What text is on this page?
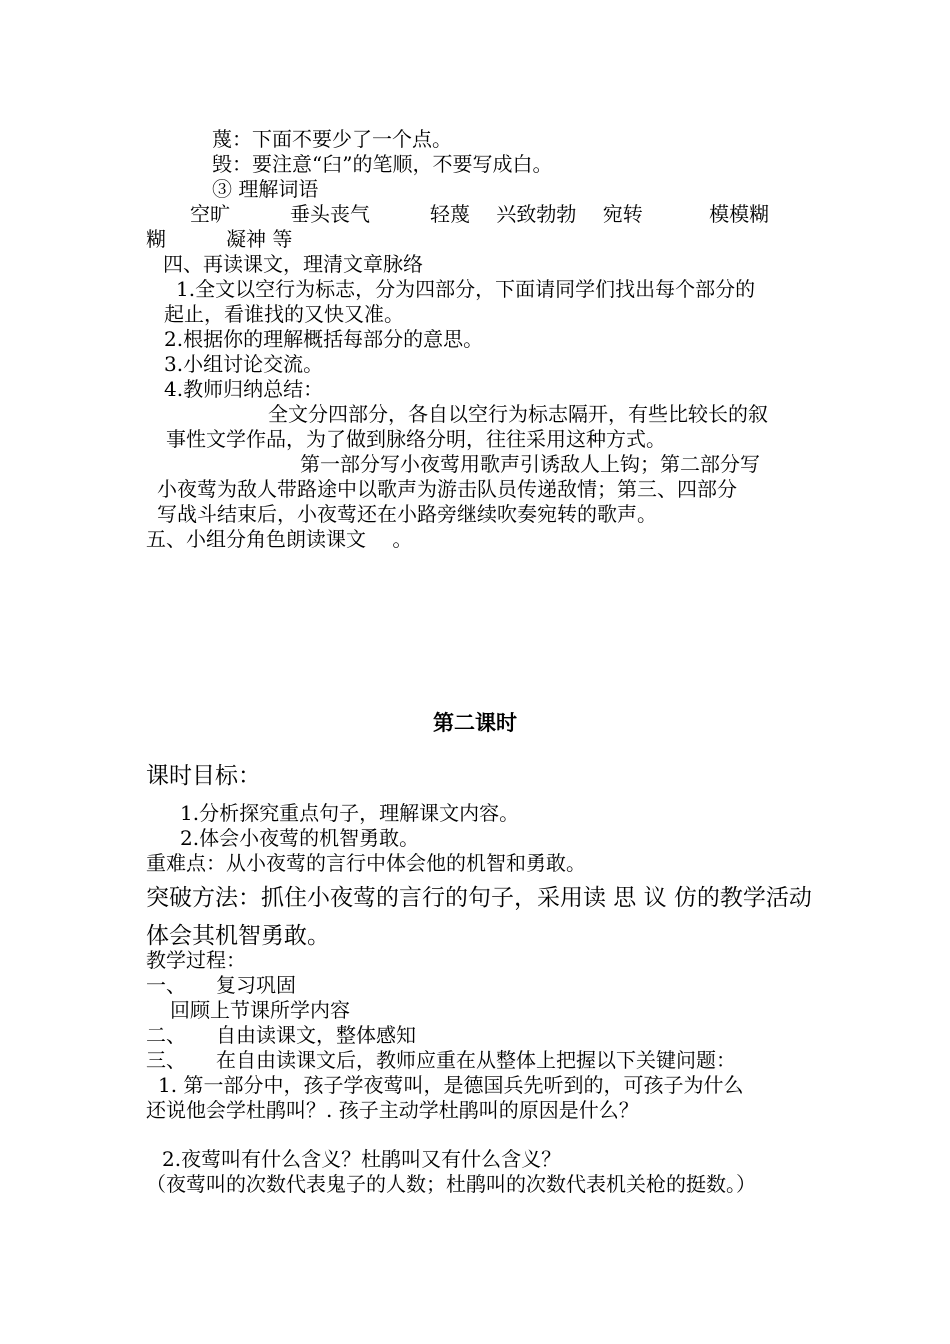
蔑：下面不要少了一个点。
毁：要注意“臼”的笔顺，不要写成白。
③ 理解词语
空旷　　　垂头丧气　　　轻蔑　 兴致勃勃　 宛转　　　 模模糊
糊　　　凝神 等
四、再读课文，理清文章脉络
1.全文以空行为标志，分为四部分，下面请同学们找出每个部分的
起止，看谁找的又快又准。
2.根据你的理解概括每部分的意思。
3.小组讨论交流。
4.教师归纳总结：
全文分四部分，各自以空行为标志隔开，有些比较长的叙
事性文学作品，为了做到脉络分明，往往采用这种方式。
第一部分写小夜莺用歌声引诱敌人上钩；第二部分写
小夜莺为敌人带路途中以歌声为游击队员传递敌情；第三、四部分
写战斗结束后，小夜莺还在小路旁继续吹奏宛转的歌声。
五、小组分角色朗读课文　 。
第二课时
课时目标：
1.分析探究重点句子，理解课文内容。
2.体会小夜莺的机智勇敢。
重难点：从小夜莺的言行中体会他的机智和勇敢。
突破方法：抓住小夜莺的言行的句子，采用读 思 议 仿的教学活动
体会其机智勇敢。
教学过程：
一、　　复习巩固
回顾上节课所学内容
二、　　自由读课文，整体感知
三、　　在自由读课文后，教师应重在从整体上把握以下关键问题：
1. 第一部分中，孩子学夜莺叫，是德国兵先听到的，可孩子为什么
还说他会学杜鹃叫？. 孩子主动学杜鹃叫的原因是什么？
2.夜莺叫有什么含义？杜鹃叫又有什么含义？
（夜莺叫的次数代表鬼子的人数；杜鹃叫的次数代表机关枪的挺数。）
